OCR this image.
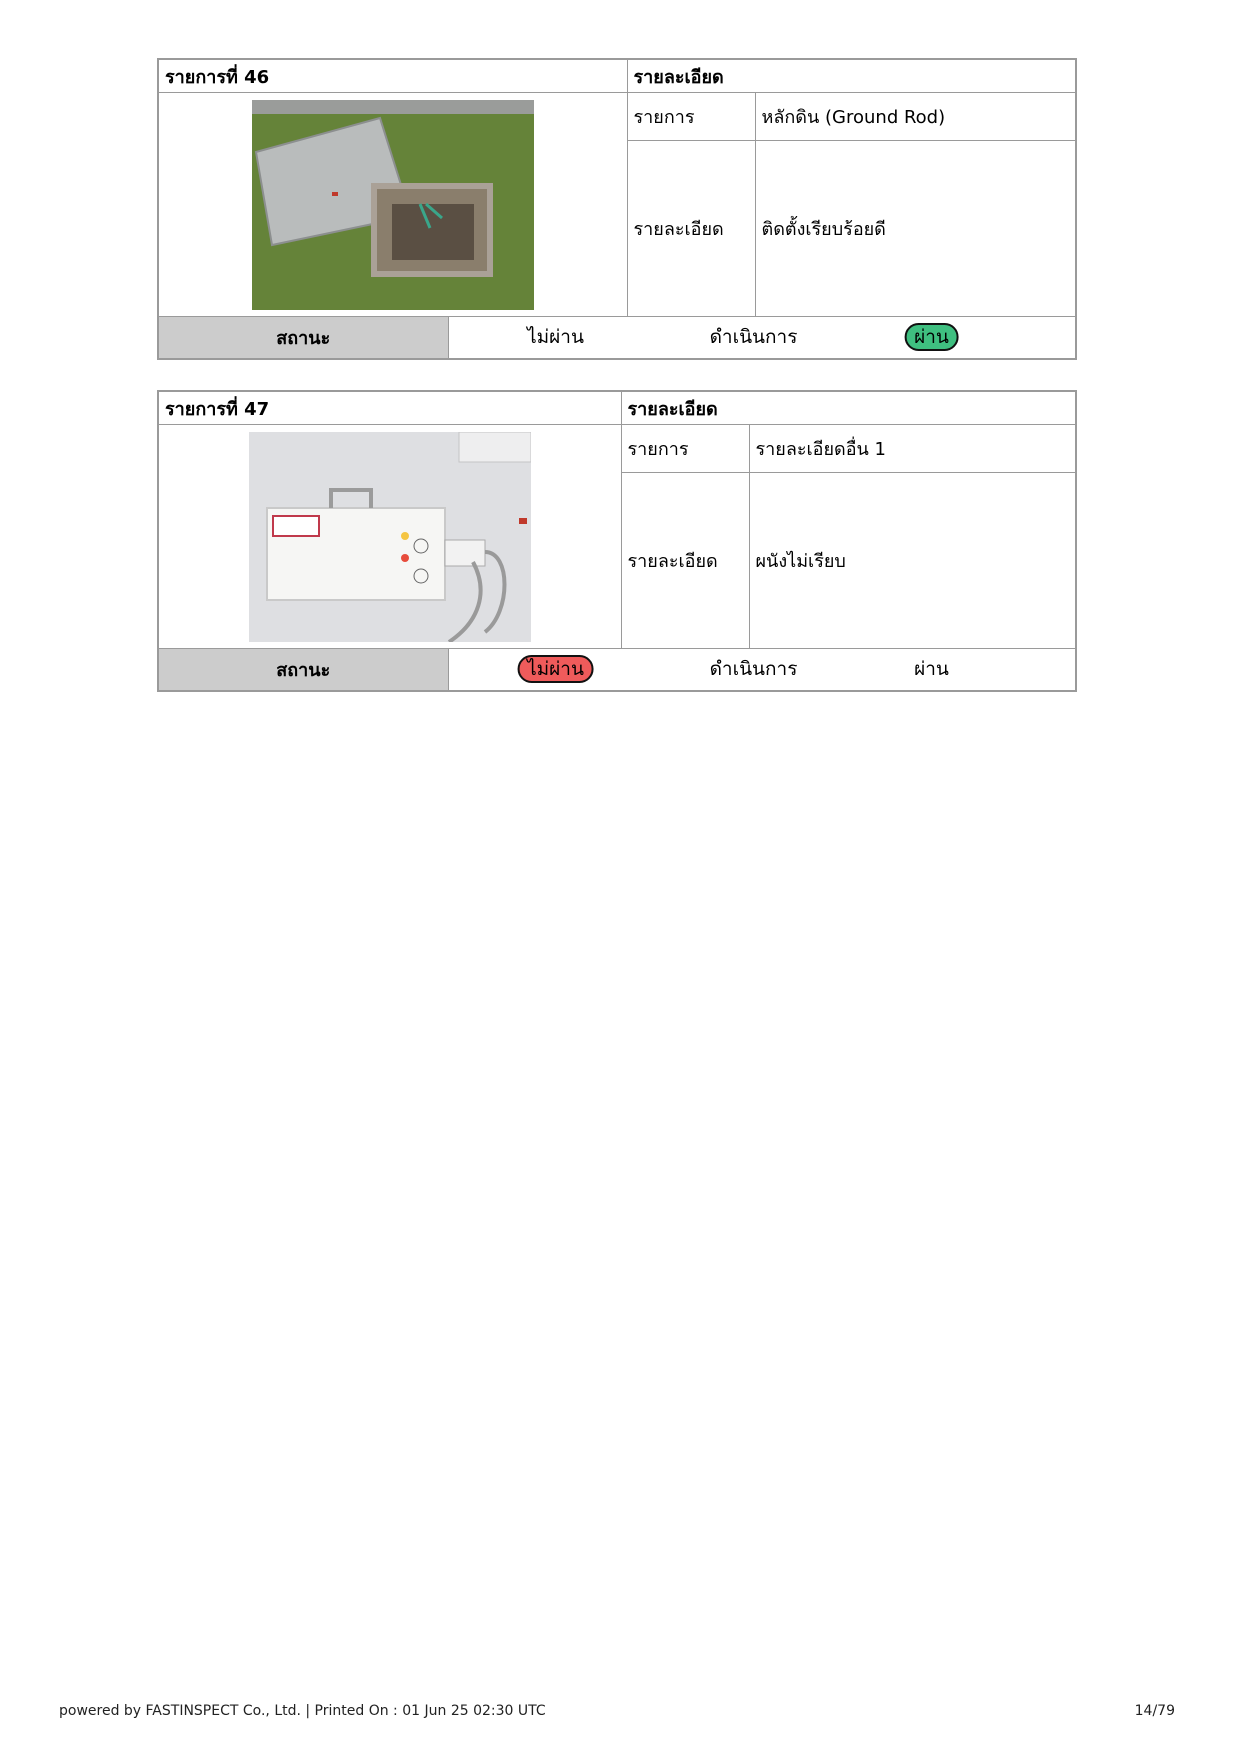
รายการที่ 46		รายละเอียด	

	รายการ	หลักดิน (Ground Rod)
		รายละเอียด	ติดตั้งเรียบร้อยดี
สถานะ	ไม่ผ่าน ดำเนินการ ผ่าน		
รายการที่ 47		รายละเอียด	

	รายการ	รายละเอียดอื่น 1
		รายละเอียด	ผนังไม่เรียบ
สถานะ	ไม่ผ่าน ดำเนินการ ผ่าน		
powered by FASTINSPECT Co., Ltd. | Printed On : 01 Jun 25 02:30 UTC	14/79
